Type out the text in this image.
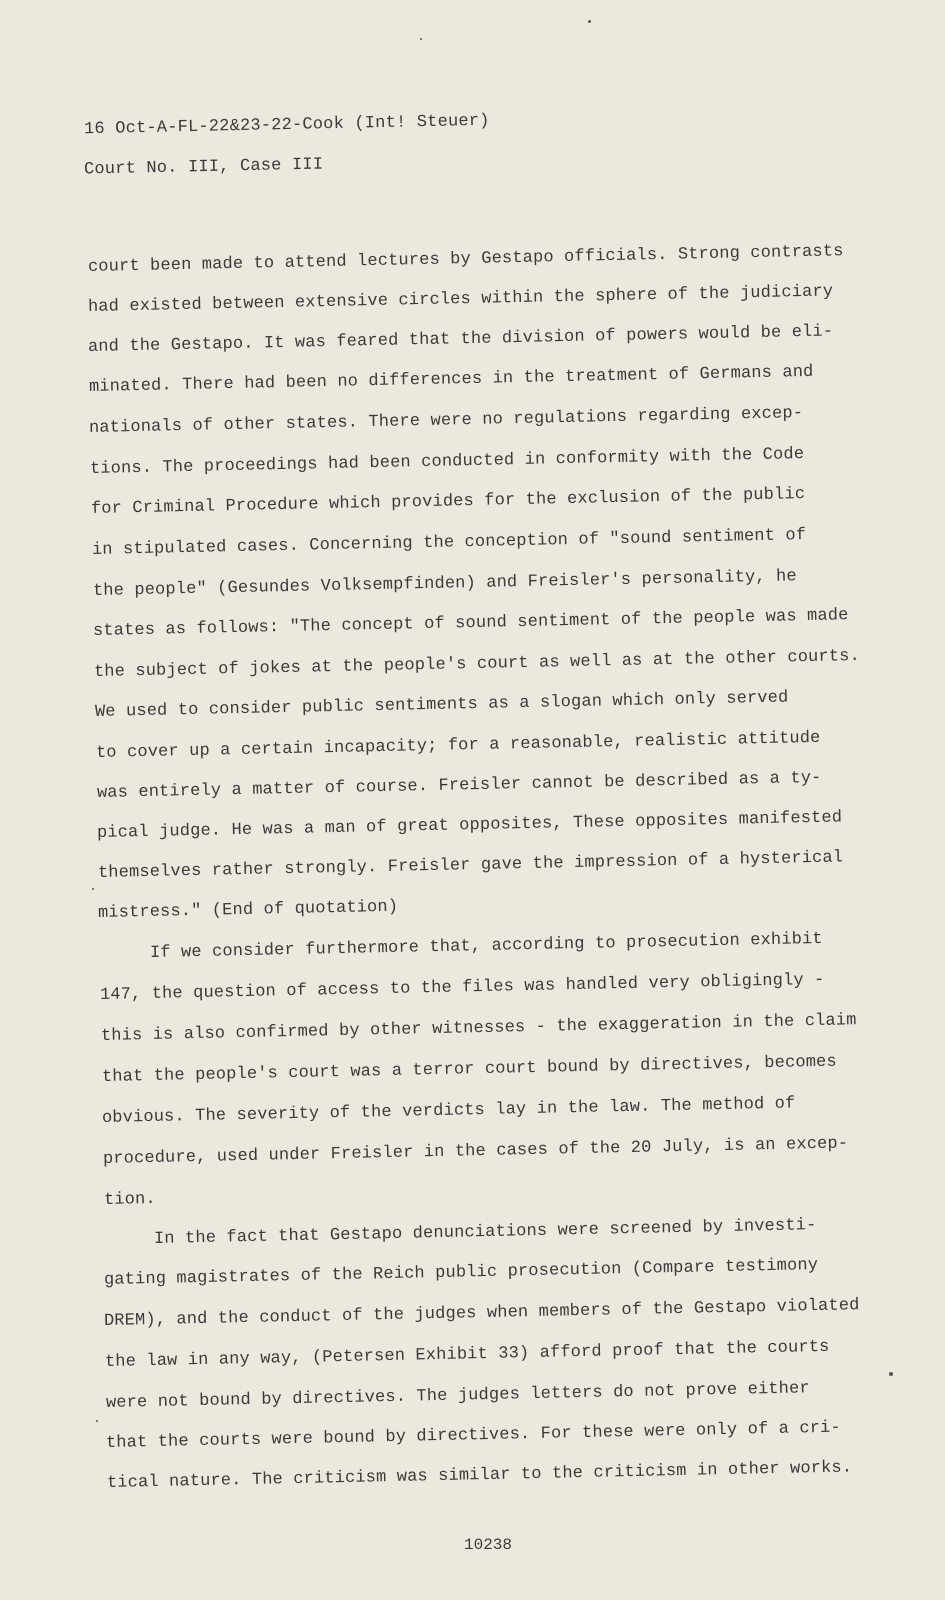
16 Oct-A-FL-22&23-22-Cook (Int! Steuer)
Court No. III, Case III
court been made to attend lectures by Gestapo officials. Strong contrasts
had existed between extensive circles within the sphere of the judiciary
and the Gestapo. It was feared that the division of powers would be eli-
minated. There had been no differences in the treatment of Germans and
nationals of other states. There were no regulations regarding excep-
tions. The proceedings had been conducted in conformity with the Code
for Criminal Procedure which provides for the exclusion of the public
in stipulated cases. Concerning the conception of "sound sentiment of
the people" (Gesundes Volksempfinden) and Freisler's personality, he
states as follows: "The concept of sound sentiment of the people was made
the subject of jokes at the people's court as well as at the other courts.
We used to consider public sentiments as a slogan which only served
to cover up a certain incapacity; for a reasonable, realistic attitude
was entirely a matter of course. Freisler cannot be described as a ty-
pical judge. He was a man of great opposites, These opposites manifested
themselves rather strongly. Freisler gave the impression of a hysterical
mistress." (End of quotation)
If we consider furthermore that, according to prosecution exhibit
147, the question of access to the files was handled very obligingly -
this is also confirmed by other witnesses - the exaggeration in the claim
that the people's court was a terror court bound by directives, becomes
obvious. The severity of the verdicts lay in the law. The method of
procedure, used under Freisler in the cases of the 20 July, is an excep-
tion.
In the fact that Gestapo denunciations were screened by investi-
gating magistrates of the Reich public prosecution (Compare testimony
DREM), and the conduct of the judges when members of the Gestapo violated
the law in any way, (Petersen Exhibit 33) afford proof that the courts
were not bound by directives. The judges letters do not prove either
that the courts were bound by directives. For these were only of a cri-
tical nature. The criticism was similar to the criticism in other works.
10238
